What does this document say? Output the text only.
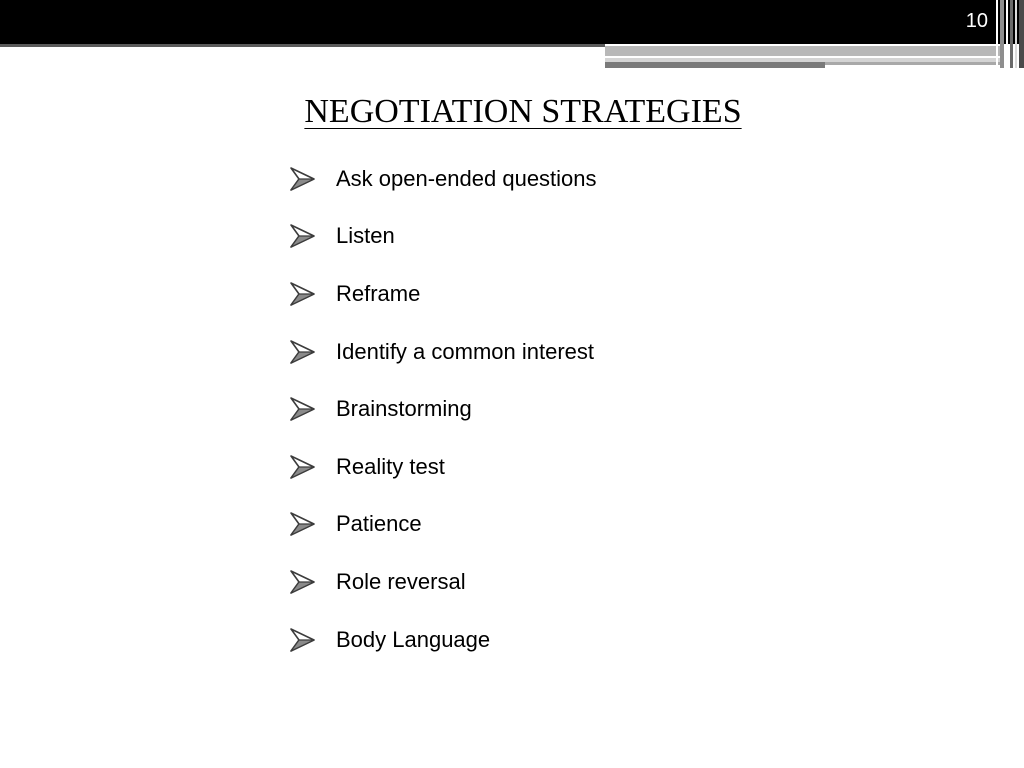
10
NEGOTIATION STRATEGIES
Ask open-ended questions
Listen
Reframe
Identify a common interest
Brainstorming
Reality test
Patience
Role reversal
Body Language
